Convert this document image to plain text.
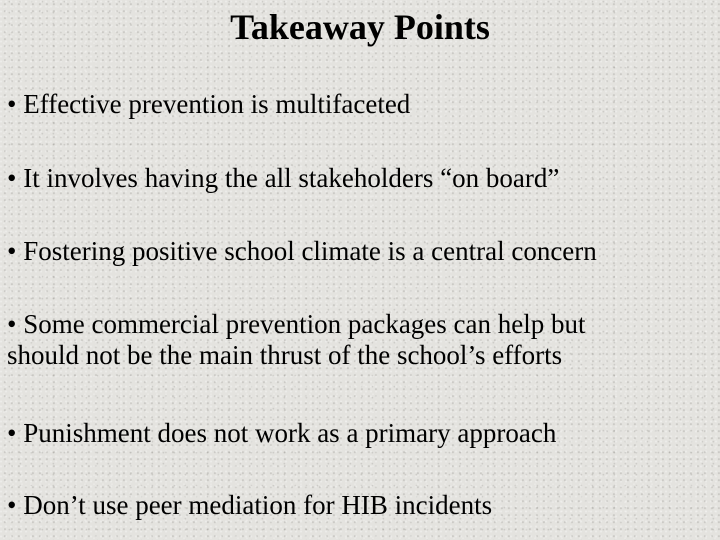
Takeaway Points
• Effective prevention is multifaceted
• It involves having the all stakeholders “on board”
• Fostering positive school climate is a central concern
• Some commercial prevention packages can help but
should not be the main thrust of the school’s efforts
• Punishment does not work as a primary approach
• Don’t use peer mediation for HIB incidents
